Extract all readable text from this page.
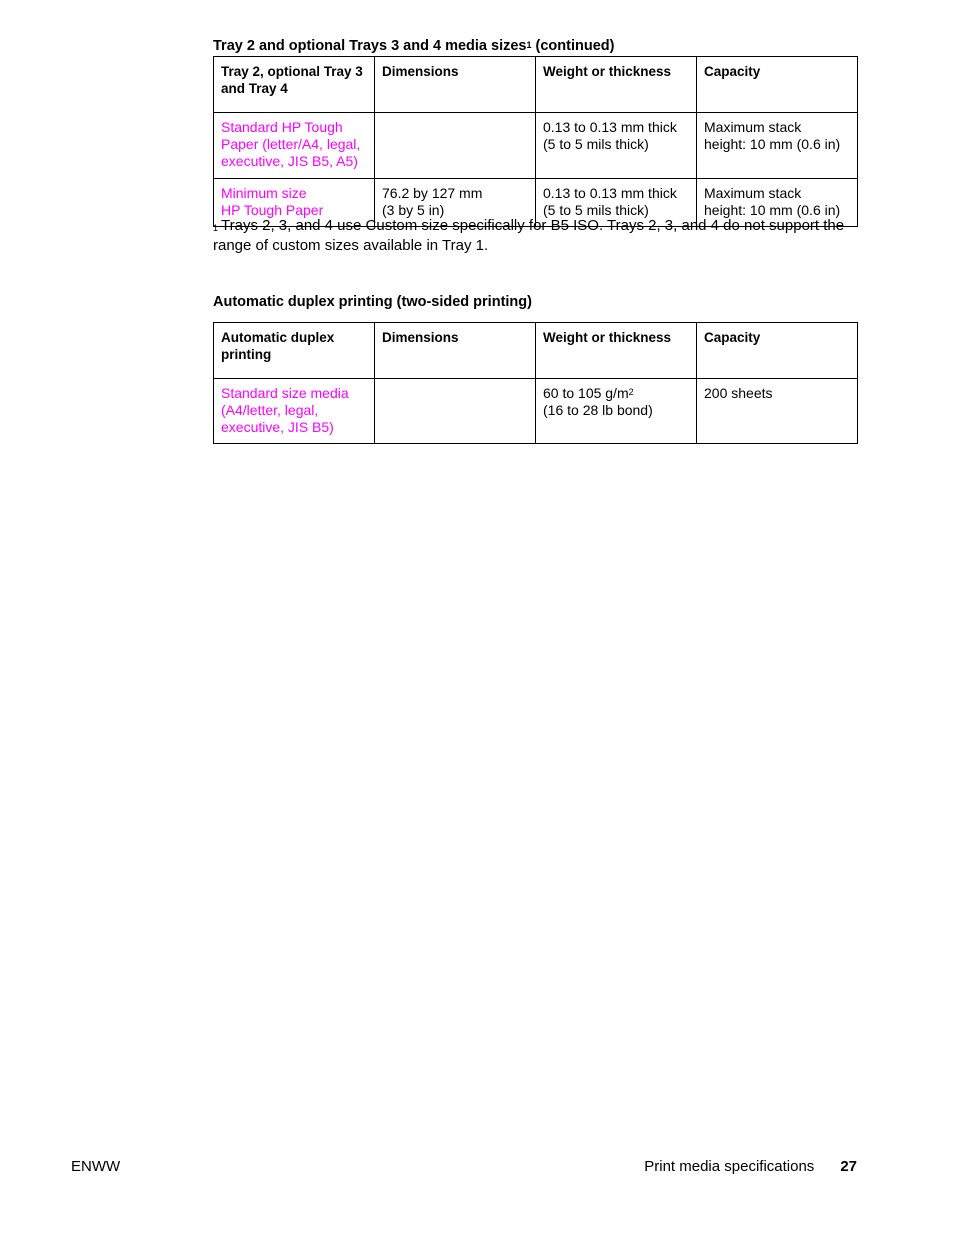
Tray 2 and optional Trays 3 and 4 media sizes$^1$ (continued)
Tray 2, optional Tray 3 and Tray 4	Dimensions	Weight or thickness	Capacity

Standard HP Tough
Paper (letter/A4, legal,
executive, JIS B5, A5)		0.13 to 0.13 mm thick
(5 to 5 mils thick)	Maximum stack
height: 10 mm (0.6 in)

Minimum size
HP Tough Paper	76.2 by 127 mm
(3 by 5 in)	0.13 to 0.13 mm thick
(5 to 5 mils thick)	Maximum stack
height: 10 mm (0.6 in)
$^1$ Trays 2, 3, and 4 use Custom size specifically for B5 ISO. Trays 2, 3, and 4 do not support the range of custom sizes available in Tray 1.
Automatic duplex printing (two-sided printing)
Automatic duplex printing	Dimensions	Weight or thickness	Capacity

Standard size media
(A4/letter, legal,
executive, JIS B5)		60 to 105 $g/m^2$
(16 to 28 lb bond)	200 sheets
ENWW	Print media specifications 27
